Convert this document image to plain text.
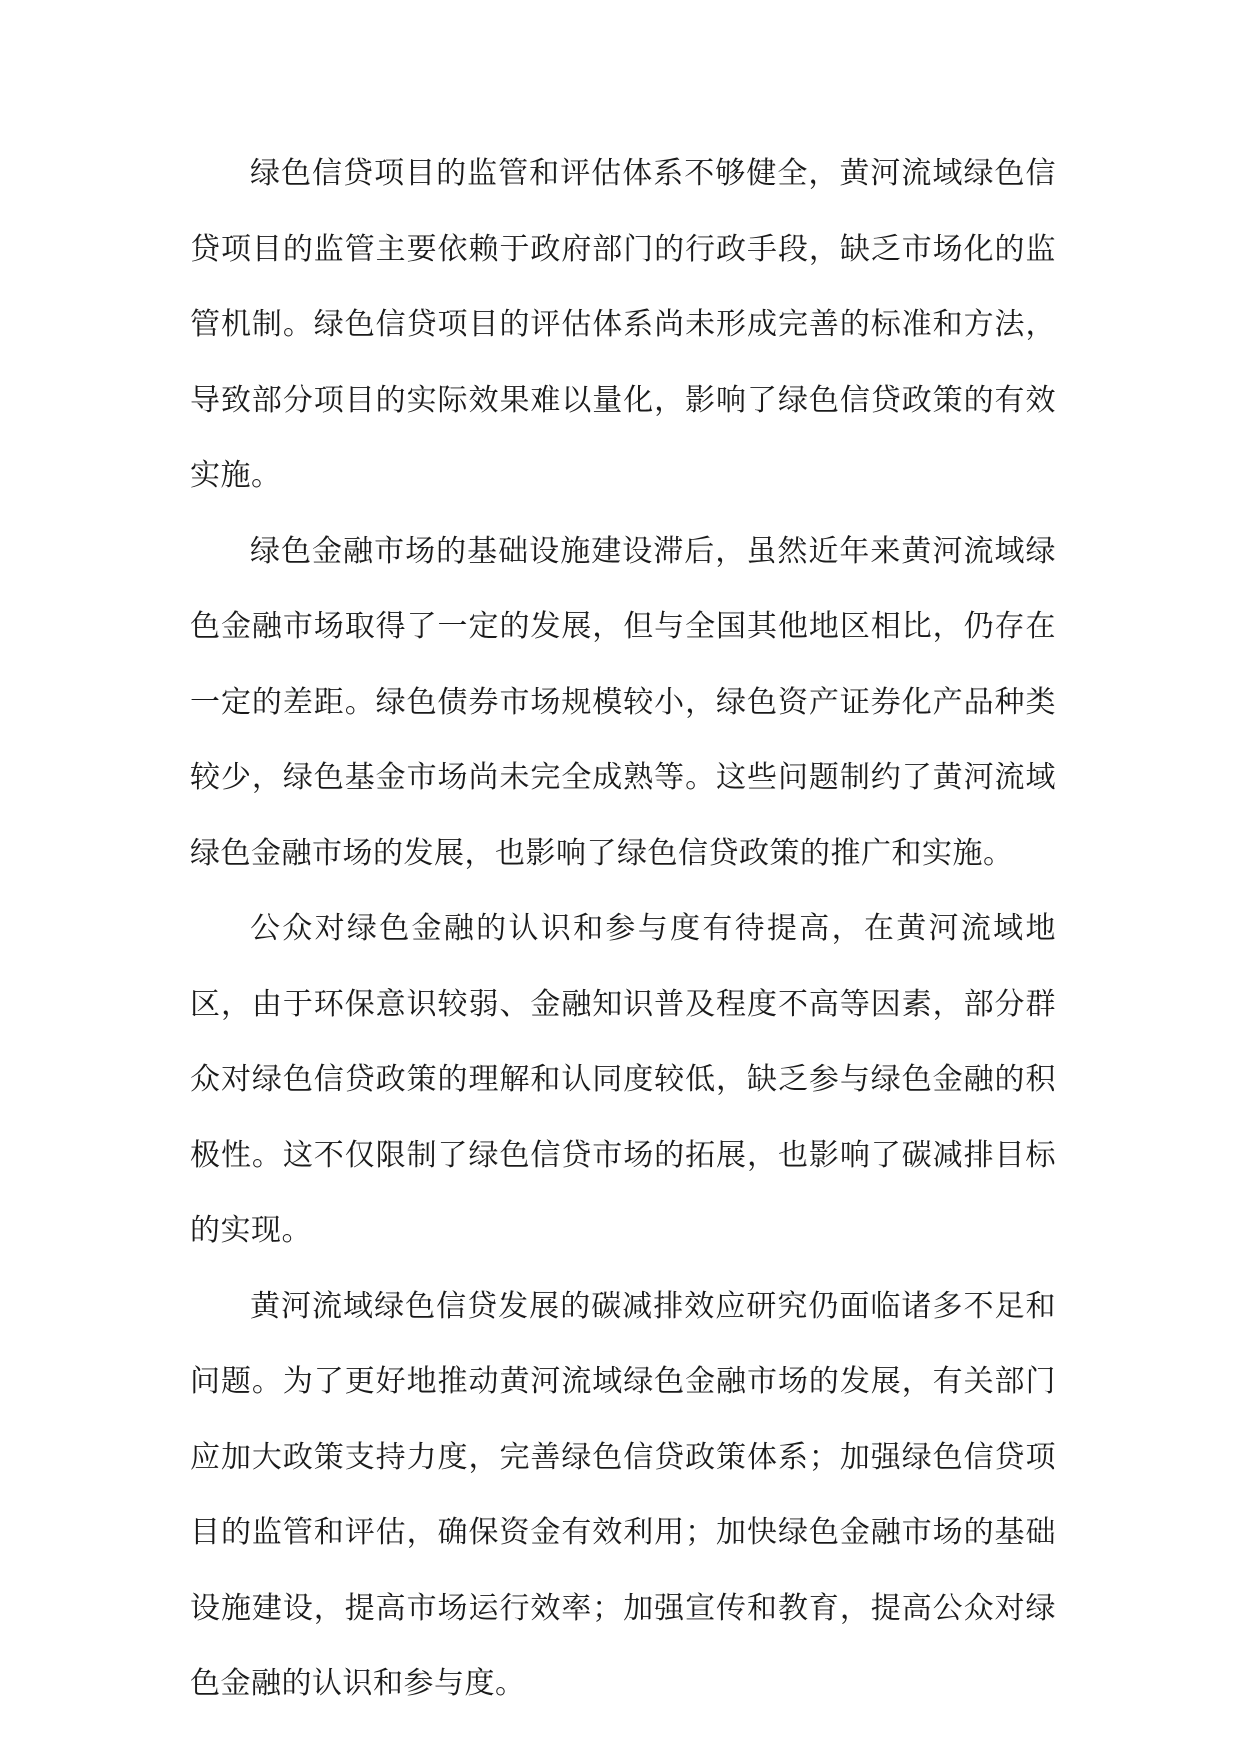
绿色信贷项目的监管和评估体系不够健全，黄河流域绿色信贷项目的监管主要依赖于政府部门的行政手段，缺乏市场化的监管机制。绿色信贷项目的评估体系尚未形成完善的标准和方法，导致部分项目的实际效果难以量化，影响了绿色信贷政策的有效实施。

绿色金融市场的基础设施建设滞后，虽然近年来黄河流域绿色金融市场取得了一定的发展，但与全国其他地区相比，仍存在一定的差距。绿色债券市场规模较小，绿色资产证券化产品种类较少，绿色基金市场尚未完全成熟等。这些问题制约了黄河流域绿色金融市场的发展，也影响了绿色信贷政策的推广和实施。

公众对绿色金融的认识和参与度有待提高，在黄河流域地区，由于环保意识较弱、金融知识普及程度不高等因素，部分群众对绿色信贷政策的理解和认同度较低，缺乏参与绿色金融的积极性。这不仅限制了绿色信贷市场的拓展，也影响了碳减排目标的实现。

黄河流域绿色信贷发展的碳减排效应研究仍面临诸多不足和问题。为了更好地推动黄河流域绿色金融市场的发展，有关部门应加大政策支持力度，完善绿色信贷政策体系；加强绿色信贷项目的监管和评估，确保资金有效利用；加快绿色金融市场的基础设施建设，提高市场运行效率；加强宣传和教育，提高公众对绿色金融的认识和参与度。
